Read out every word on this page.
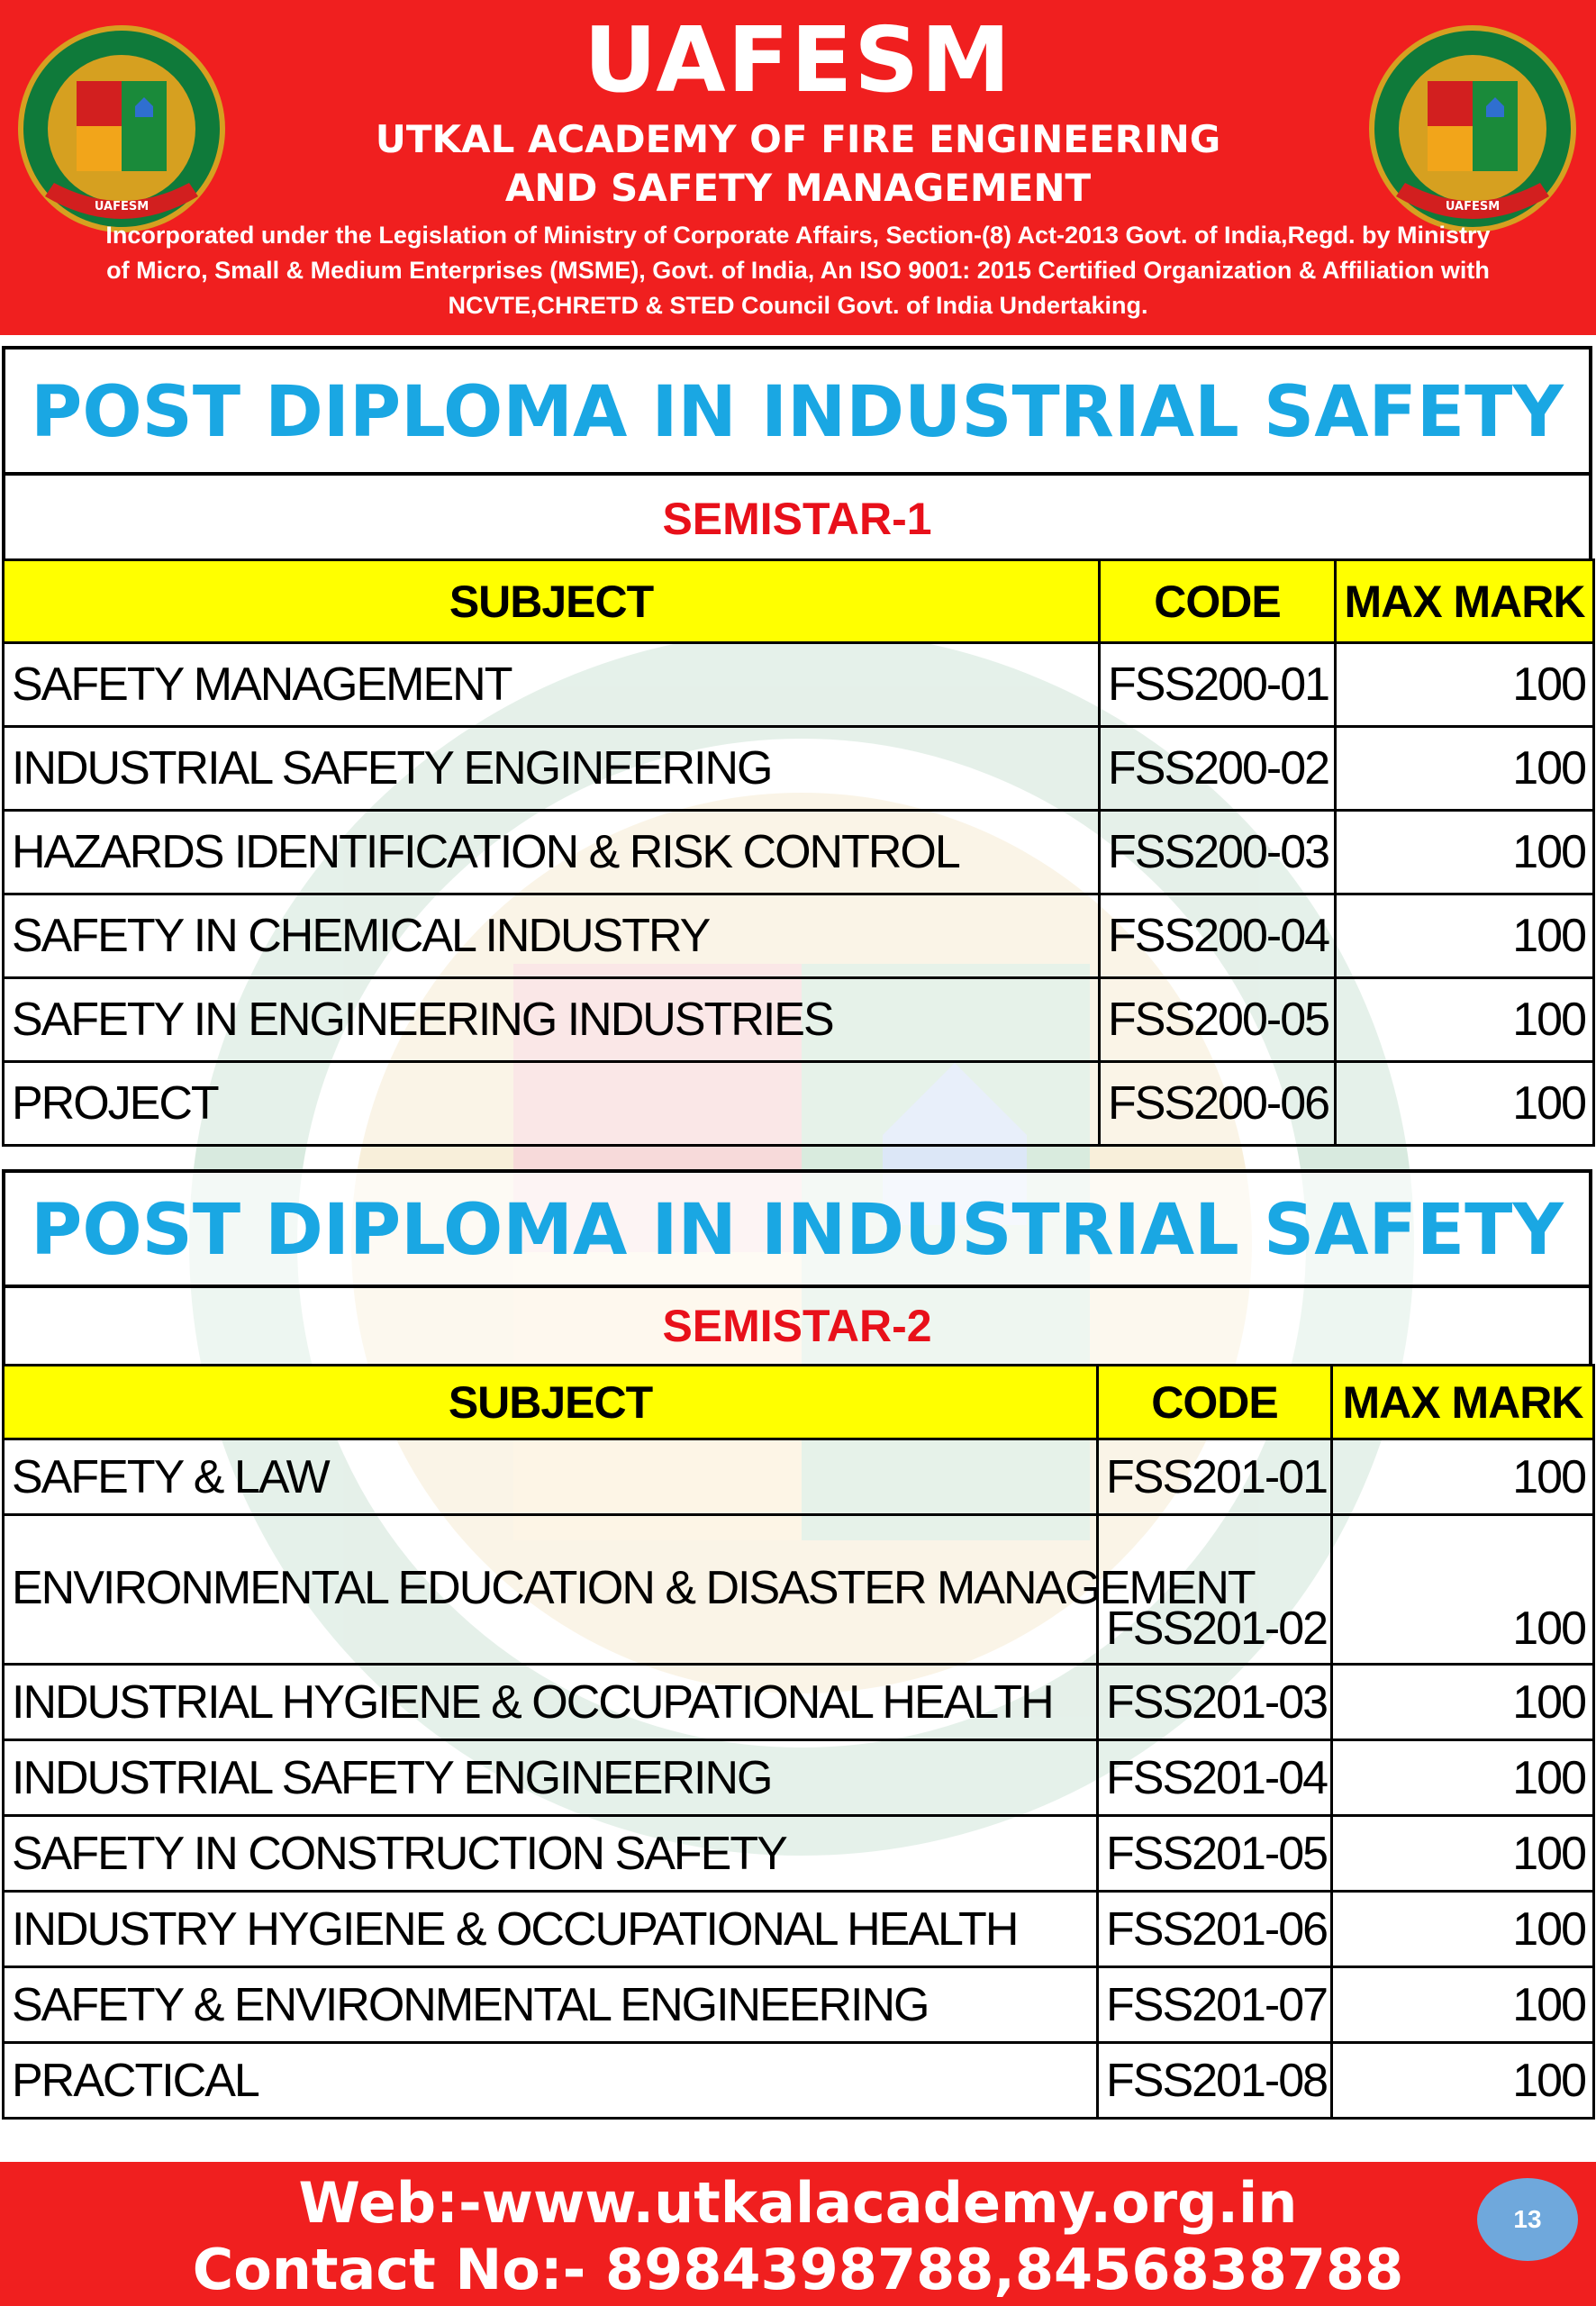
UAFESM	UAFESM
UAFESM
UTKAL ACADEMY OF FIRE ENGINEERING
AND SAFETY MANAGEMENT
Incorporated under the Legislation of Ministry of Corporate Affairs, Section-(8) Act-2013 Govt. of India,Regd. by Ministry
of Micro, Small & Medium Enterprises (MSME), Govt. of India, An ISO 9001: 2015 Certified Organization & Affiliation with
NCVTE,CHRETD & STED Council Govt. of India Undertaking.
POST DIPLOMA IN INDUSTRIAL SAFETY
SEMISTAR-1
SUBJECT	CODE	MAX MARK
SAFETY MANAGEMENT	FSS200-01	100
INDUSTRIAL SAFETY ENGINEERING	FSS200-02	100
HAZARDS IDENTIFICATION & RISK CONTROL	FSS200-03	100
SAFETY IN CHEMICAL INDUSTRY	FSS200-04	100
SAFETY IN ENGINEERING INDUSTRIES	FSS200-05	100
PROJECT	FSS200-06	100
POST DIPLOMA IN INDUSTRIAL SAFETY
SEMISTAR-2
SUBJECT	CODE	MAX MARK
SAFETY & LAW	FSS201-01	100
ENVIRONMENTAL EDUCATION & DISASTER MANAGEMENT	FSS201-02	100
INDUSTRIAL HYGIENE & OCCUPATIONAL HEALTH	FSS201-03	100
INDUSTRIAL SAFETY ENGINEERING	FSS201-04	100
SAFETY IN CONSTRUCTION SAFETY	FSS201-05	100
INDUSTRY HYGIENE & OCCUPATIONAL HEALTH	FSS201-06	100
SAFETY & ENVIRONMENTAL ENGINEERING	FSS201-07	100
PRACTICAL	FSS201-08	100
Web:-www.utkalacademy.org.in
Contact No:- 8984398788,8456838788
13
